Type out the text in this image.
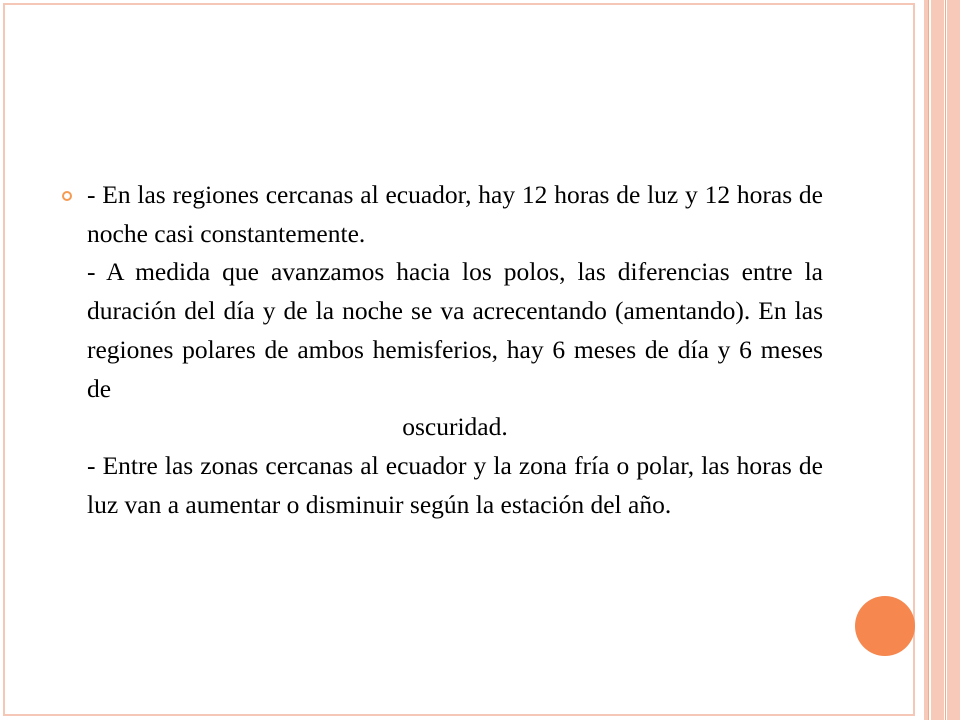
- En las regiones cercanas al ecuador, hay 12 horas de luz y 12 horas de noche casi constantemente.

- A medida que avanzamos hacia los polos, las diferencias entre la duración del día y de la noche se va acrecentando (amentando). En las regiones polares de ambos hemisferios, hay 6 meses de día y 6 meses de

oscuridad.

- Entre las zonas cercanas al ecuador y la zona fría o polar, las horas de luz van a aumentar o disminuir según la estación del año.
